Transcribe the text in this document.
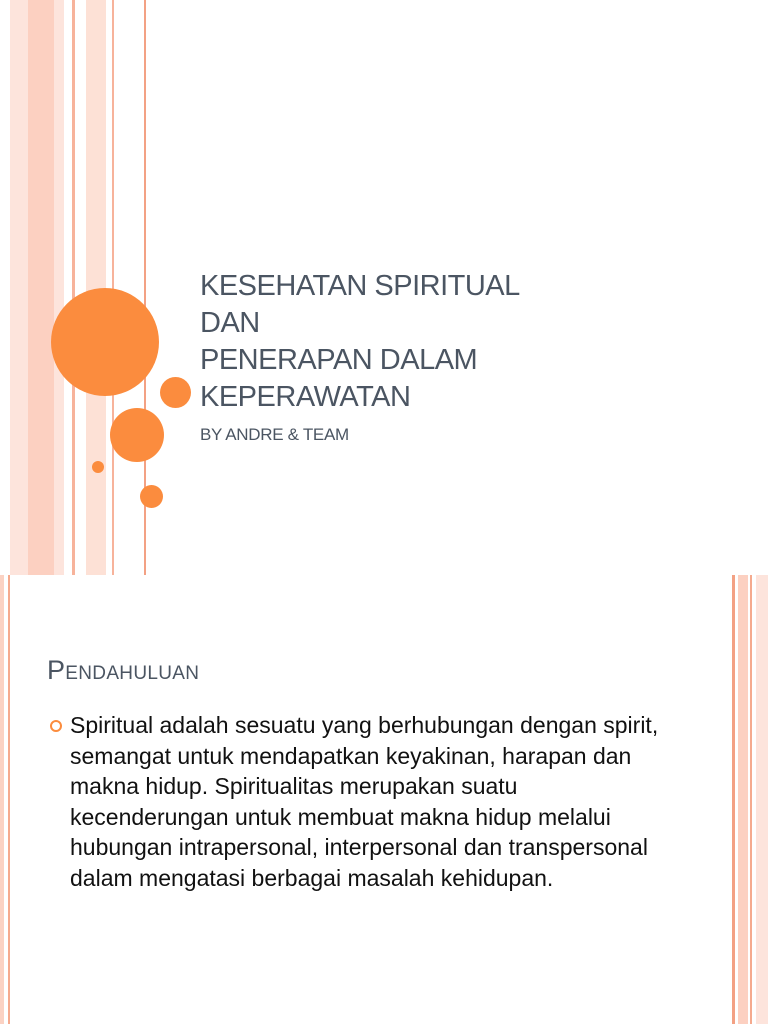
KESEHATAN SPIRITUAL
DAN
PENERAPAN DALAM
KEPERAWATAN
BY ANDRE & TEAM
Pendahuluan
Spiritual adalah sesuatu yang berhubungan dengan spirit, semangat untuk mendapatkan keyakinan, harapan dan makna hidup. Spiritualitas merupakan suatu kecenderungan untuk membuat makna hidup melalui hubungan intrapersonal, interpersonal dan transpersonal dalam mengatasi berbagai masalah kehidupan.
